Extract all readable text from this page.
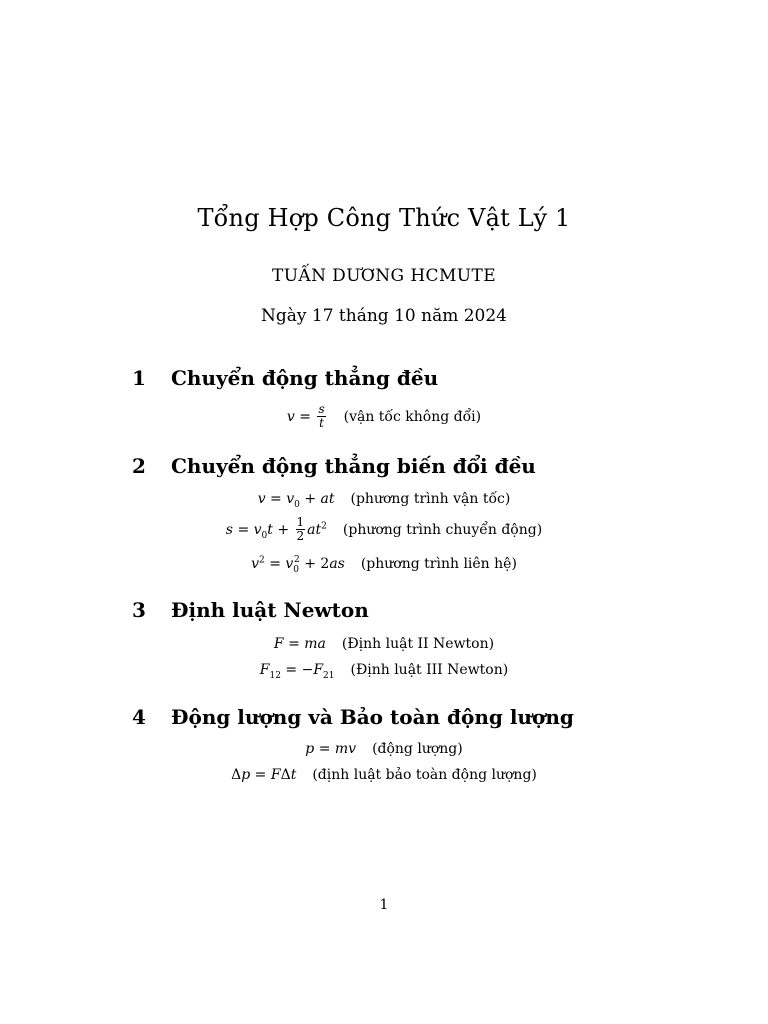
Tổng Hợp Công Thức Vật Lý 1
TUẤN DƯƠNG HCMUTE
Ngày 17 tháng 10 năm 2024
1 Chuyển động thẳng đều
$v = \frac{s}{t}$ (vận tốc không đổi)
2 Chuyển động thẳng biến đổi đều
$v = v_0$ + at (phương trình vận tốc)
$s = v_0t + \frac{1}{2} at^2$ (phương trình chuyển động)
$v^2 = v_0^2 + 2as$ (phương trình liên hệ)
3 Định luật Newton
F = ma (Định luật II Newton)
$F_{12} = -F_{21}$ (Định luật III Newton)
4 Động lượng và Bảo toàn động lượng
p = mv (động lượng)
Δp = FΔt (định luật bảo toàn động lượng)
1
